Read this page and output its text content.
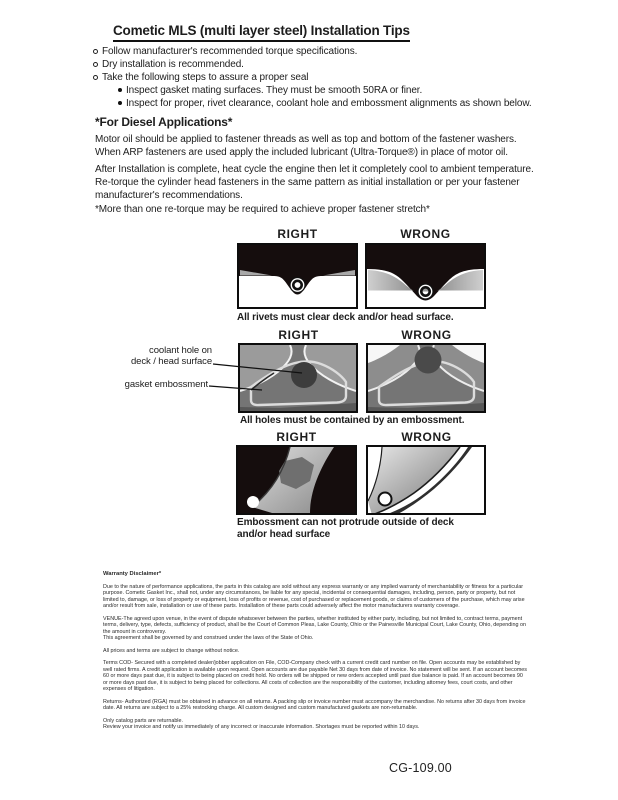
Cometic MLS (multi layer steel) Installation Tips
Follow manufacturer's recommended torque specifications.
Dry installation is recommended.
Take the following steps to assure a proper seal
Inspect gasket mating surfaces. They must be smooth 50RA or finer.
Inspect for proper, rivet clearance, coolant hole and embossment alignments as shown below.
*For Diesel Applications*
Motor oil should be applied to fastener threads as well as top and bottom of the fastener washers. When ARP fasteners are used apply the included lubricant (Ultra-Torque®) in place of motor oil.
After Installation is complete, heat cycle the engine then let it completely cool to ambient temperature. Re-torque the cylinder head fasteners in the same pattern as initial installation or per your fastener manufacturer's recommendations.
*More than one re-torque may be required to achieve proper fastener stretch*
RIGHT	WRONG
All rivets must clear deck and/or head surface.
RIGHT	WRONG
coolant hole on
deck / head surface
gasket embossment
All holes must be contained by an embossment.
RIGHT	WRONG
Embossment can not protrude outside of deck
and/or head surface
Warranty Disclaimer*

Due to the nature of performance applications, the parts in this catalog are sold without any express warranty or any implied warranty of merchantability or fitness for a particular purpose. Cometic Gasket Inc., shall not, under any circumstances, be liable for any special, incidental or consequential damages, including, person, party or property, but not limited to, damage, or loss of property or equipment, loss of profits or revenue, cost of purchased or replacement goods, or claims of customers of the purchase, which may arise and/or result from sale, installation or use of these parts. Installation of these parts could adversely affect the motor manufacturers warranty coverage.

VENUE-The agreed upon venue, in the event of dispute whatsoever between the parties, whether instituted by either party, including, but not limited to, contract terms, payment terms, delivery, type, defects, sufficiency of product, shall be the Court of Common Pleas, Lake County, Ohio or the Painesville Municipal Court, Lake County, Ohio, depending on the amount in controversy.

This agreement shall be governed by and construed under the laws of the State of Ohio.

All prices and terms are subject to change without notice.

Terms COD- Secured with a completed dealer/jobber application on File, COD-Company check with a current credit card number on file. Open accounts may be established by well rated firms. A credit application is available upon request. Open accounts are due payable Net 30 days from date of invoice. No statement will be sent. If an account becomes 60 or more days past due, it is subject to being placed on credit hold. No orders will be shipped or new orders accepted until past due balance is paid. If an account becomes 90 or more days past due, it is subject to being placed for collections. All costs of collection are the responsibility of the customer, including attorney fees, court costs, and other expenses of litigation.

Returns- Authorized (RGA) must be obtained in advance on all returns. A packing slip or invoice number must accompany the merchandise. No returns after 30 days from invoice date. All returns are subject to a 25% restocking charge. All custom designed and custom manufactured gaskets are non-returnable.

Only catalog parts are returnable.

Review your invoice and notify us immediately of any incorrect or inaccurate information. Shortages must be reported within 10 days.

CG-109.00
